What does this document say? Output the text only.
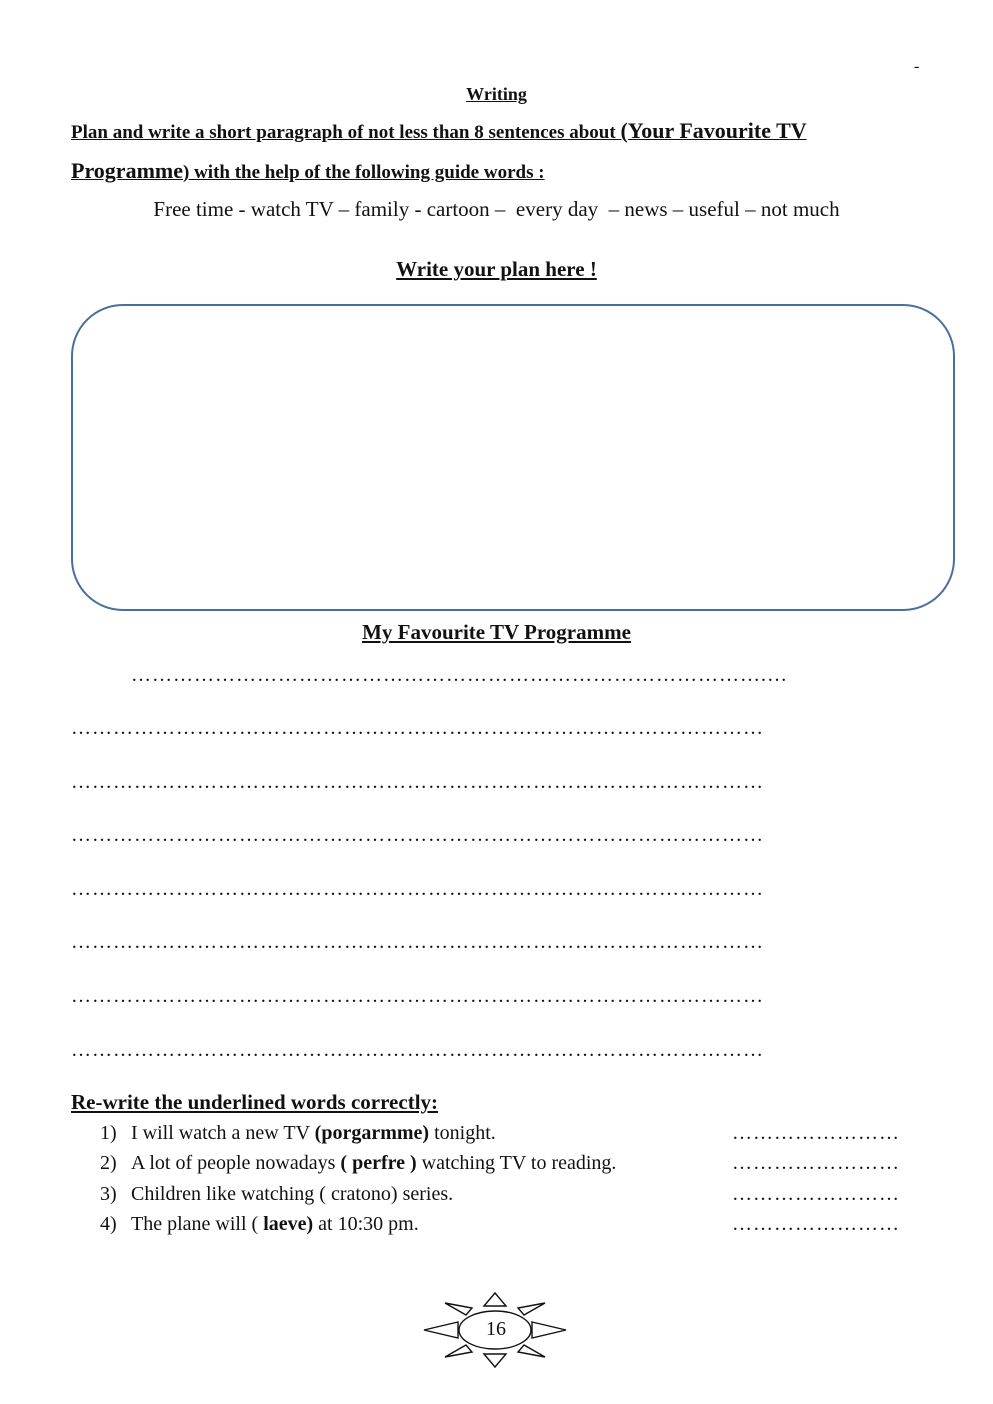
-
Writing
Plan and write a short paragraph of not less than 8 sentences about (Your Favourite TV
Programme) with the help of the following guide words :
Free time - watch TV – family - cartoon –  every day  – news – useful – not much
Write your plan here !
My Favourite TV Programme
……………………………………………………………………………….…
………………………………………………………………………………………
………………………………………………………………………………………
………………………………………………………………………………………
………………………………………………………………………………………
………………………………………………………………………………………
………………………………………………………………………………………
………………………………………………………………………………………
Re-write the underlined words correctly:
1) I will watch a new TV (porgarmme) tonight.	……………………
2) A lot of people nowadays ( perfre ) watching TV to reading.	……………………
3) Children like watching ( cratono) series.	……………………
4) The plane will ( laeve) at 10:30 pm.	……………………
16
